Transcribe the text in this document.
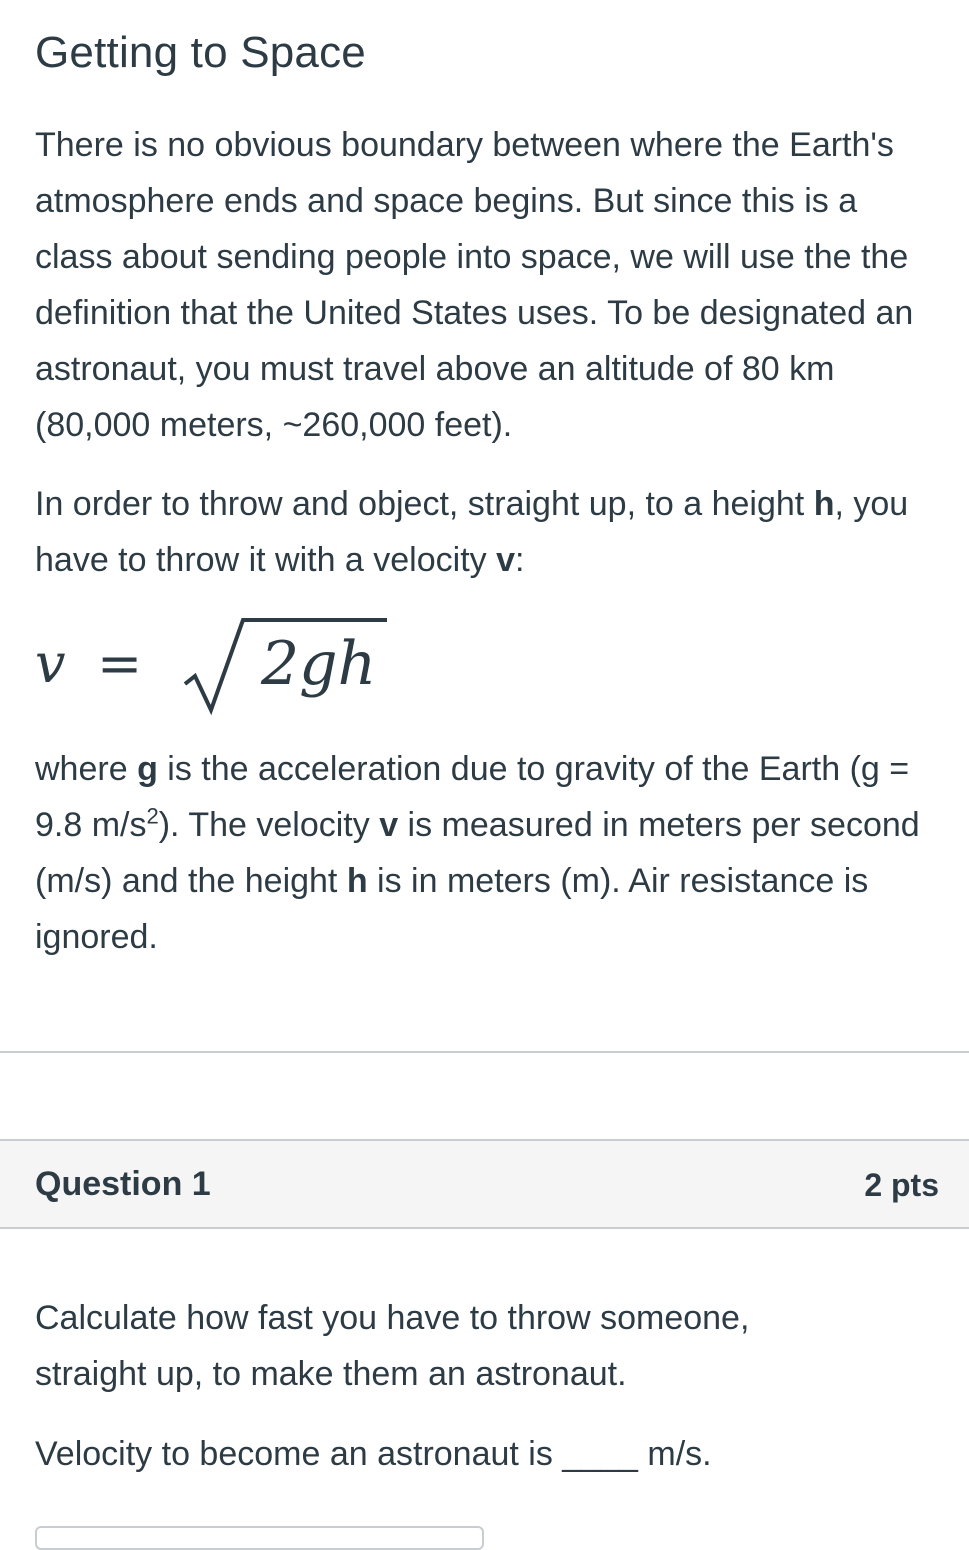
Getting to Space

There is no obvious boundary between where the Earth's atmosphere ends and space begins. But since this is a class about sending people into space, we will use the the definition that the United States uses. To be designated an astronaut, you must travel above an altitude of 80 km (80,000 meters, ~260,000 feet).

In order to throw and object, straight up, to a height h, you have to throw it with a velocity v:

v = 2gh

where g is the acceleration due to gravity of the Earth (g = 9.8 $m/s^2$). The velocity v is measured in meters per second (m/s) and the height h is in meters (m). Air resistance is ignored.

Question 1	2 pts

Calculate how fast you have to throw someone, straight up, to make them an astronaut.

Velocity to become an astronaut is ____ m/s.
